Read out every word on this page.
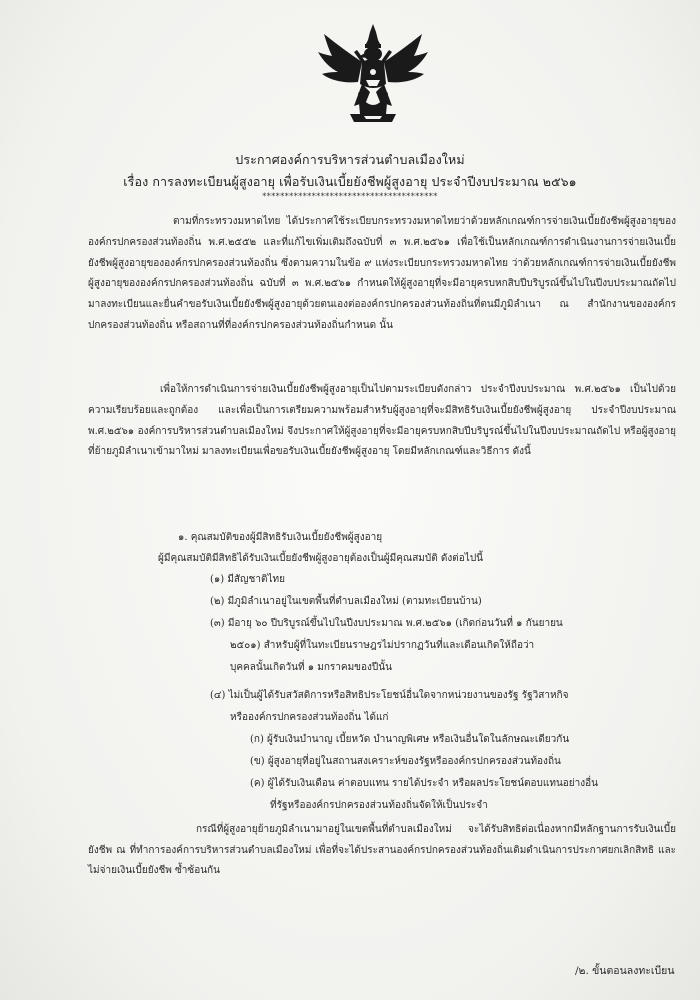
ประกาศองค์การบริหารส่วนตำบลเมืองใหม่
เรื่อง การลงทะเบียนผู้สูงอายุ เพื่อรับเงินเบี้ยยังชีพผู้สูงอายุ ประจำปีงบประมาณ ๒๕๖๑
***************************************

ตามที่กระทรวงมหาดไทย ได้ประกาศใช้ระเบียบกระทรวงมหาดไทยว่าด้วยหลักเกณฑ์การจ่ายเงินเบี้ยยังชีพผู้สูงอายุขององค์กรปกครองส่วนท้องถิ่น พ.ศ.๒๕๕๒ และที่แก้ไขเพิ่มเติมถึงฉบับที่ ๓ พ.ศ.๒๕๖๑ เพื่อใช้เป็นหลักเกณฑ์การดำเนินงานการจ่ายเงินเบี้ยยังชีพผู้สูงอายุขององค์กรปกครองส่วนท้องถิ่น ซึ่งตามความในข้อ ๙ แห่งระเบียบกระทรวงมหาดไทย ว่าด้วยหลักเกณฑ์การจ่ายเงินเบี้ยยังชีพผู้สูงอายุขององค์กรปกครองส่วนท้องถิ่น ฉบับที่ ๓ พ.ศ.๒๕๖๑ กำหนดให้ผู้สูงอายุที่จะมีอายุครบหกสิบปีบริบูรณ์ขึ้นไปในปีงบประมาณถัดไป มาลงทะเบียนและยื่นคำขอรับเงินเบี้ยยังชีพผู้สูงอายุด้วยตนเองต่อองค์กรปกครองส่วนท้องถิ่นที่ตนมีภูมิลำเนา ณ สำนักงานขององค์กรปกครองส่วนท้องถิ่น หรือสถานที่ที่องค์กรปกครองส่วนท้องถิ่นกำหนด นั้น

เพื่อให้การดำเนินการจ่ายเงินเบี้ยยังชีพผู้สูงอายุเป็นไปตามระเบียบดังกล่าว ประจำปีงบประมาณ พ.ศ.๒๕๖๑ เป็นไปด้วยความเรียบร้อยและถูกต้อง และเพื่อเป็นการเตรียมความพร้อมสำหรับผู้สูงอายุที่จะมีสิทธิรับเงินเบี้ยยังชีพผู้สูงอายุ ประจำปีงบประมาณ พ.ศ.๒๕๖๑ องค์การบริหารส่วนตำบลเมืองใหม่ จึงประกาศให้ผู้สูงอายุที่จะมีอายุครบหกสิบปีบริบูรณ์ขึ้นไปในปีงบประมาณถัดไป หรือผู้สูงอายุที่ย้ายภูมิลำเนาเข้ามาใหม่ มาลงทะเบียนเพื่อขอรับเงินเบี้ยยังชีพผู้สูงอายุ โดยมีหลักเกณฑ์และวิธีการ ดังนี้

๑. คุณสมบัติของผู้มีสิทธิรับเงินเบี้ยยังชีพผู้สูงอายุ

ผู้มีคุณสมบัติมีสิทธิได้รับเงินเบี้ยยังชีพผู้สูงอายุต้องเป็นผู้มีคุณสมบัติ ดังต่อไปนี้

(๑) มีสัญชาติไทย

(๒) มีภูมิลำเนาอยู่ในเขตพื้นที่ตำบลเมืองใหม่ (ตามทะเบียนบ้าน)

(๓) มีอายุ ๖๐ ปีบริบูรณ์ขึ้นไปในปีงบประมาณ พ.ศ.๒๕๖๑ (เกิดก่อนวันที่ ๑ กันยายน

๒๕๐๑) สำหรับผู้ที่ในทะเบียนราษฎรไม่ปรากฏวันที่และเดือนเกิดให้ถือว่า

บุคคลนั้นเกิดวันที่ ๑ มกราคมของปีนั้น

(๔) ไม่เป็นผู้ได้รับสวัสดิการหรือสิทธิประโยชน์อื่นใดจากหน่วยงานของรัฐ รัฐวิสาหกิจ

หรือองค์กรปกครองส่วนท้องถิ่น ได้แก่

(ก) ผู้รับเงินบำนาญ เบี้ยหวัด บำนาญพิเศษ หรือเงินอื่นใดในลักษณะเดียวกัน

(ข) ผู้สูงอายุที่อยู่ในสถานสงเคราะห์ของรัฐหรือองค์กรปกครองส่วนท้องถิ่น

(ค) ผู้ได้รับเงินเดือน ค่าตอบแทน รายได้ประจำ หรือผลประโยชน์ตอบแทนอย่างอื่น

ที่รัฐหรือองค์กรปกครองส่วนท้องถิ่นจัดให้เป็นประจำ

กรณีที่ผู้สูงอายุย้ายภูมิลำเนามาอยู่ในเขตพื้นที่ตำบลเมืองใหม่ จะได้รับสิทธิต่อเนื่องหากมีหลักฐานการรับเงินเบี้ยยังชีพ ณ ที่ทำการองค์การบริหารส่วนตำบลเมืองใหม่ เพื่อที่จะได้ประสานองค์กรปกครองส่วนท้องถิ่นเดิมดำเนินการประกาศยกเลิกสิทธิ และไม่จ่ายเงินเบี้ยยังชีพ ซ้ำซ้อนกัน

/๒. ขั้นตอนลงทะเบียน
